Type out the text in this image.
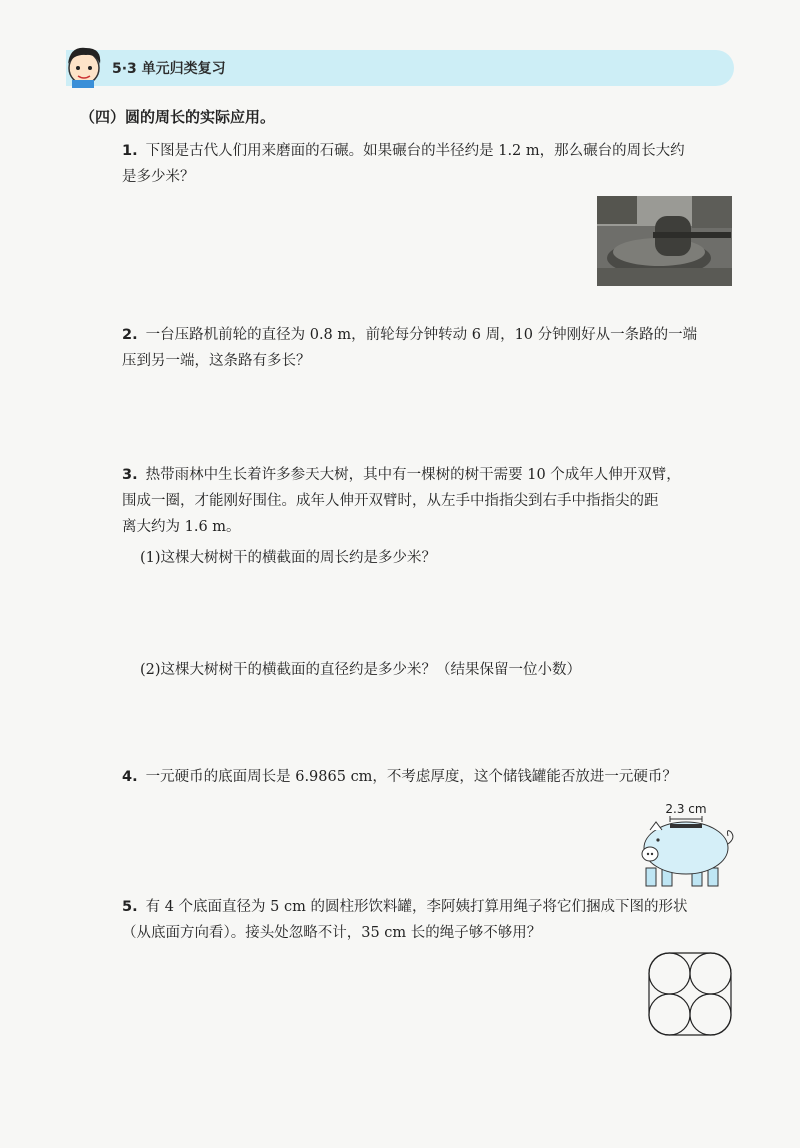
5·3 单元归类复习
（四）圆的周长的实际应用。
1. 下图是古代人们用来磨面的石碾。如果碾台的半径约是 1.2 m，那么碾台的周长大约
是多少米？
2. 一台压路机前轮的直径为 0.8 m，前轮每分钟转动 6 周，10 分钟刚好从一条路的一端
压到另一端，这条路有多长？
3. 热带雨林中生长着许多参天大树，其中有一棵树的树干需要 10 个成年人伸开双臂，
围成一圈，才能刚好围住。成年人伸开双臂时，从左手中指指尖到右手中指指尖的距
离大约为 1.6 m。
(1)这棵大树树干的横截面的周长约是多少米？
(2)这棵大树树干的横截面的直径约是多少米？（结果保留一位小数）
4. 一元硬币的底面周长是 6.9865 cm，不考虑厚度，这个储钱罐能否放进一元硬币？
2.3 cm
5. 有 4 个底面直径为 5 cm 的圆柱形饮料罐，李阿姨打算用绳子将它们捆成下图的形状
（从底面方向看）。接头处忽略不计，35 cm 长的绳子够不够用？
